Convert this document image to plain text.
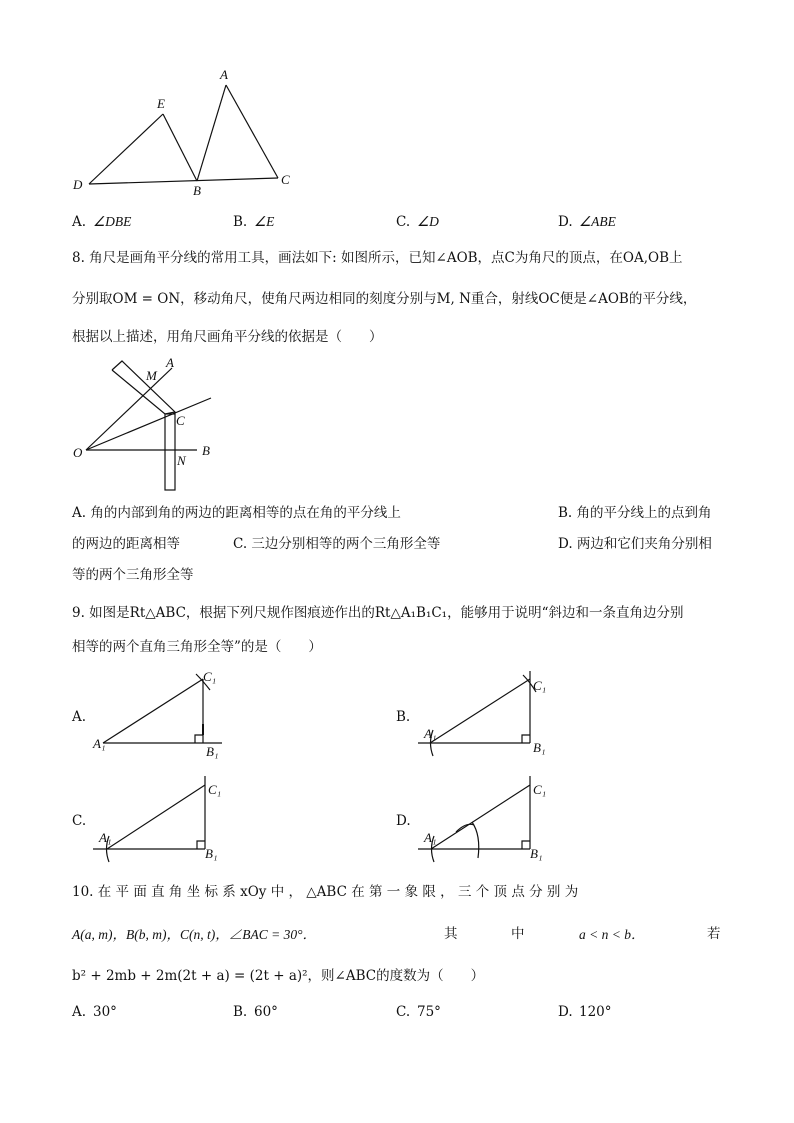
A
E
D	B
C
A. ∠DBE	B. ∠E	C. ∠D	D. ∠ABE
8. 角尺是画角平分线的常用工具，画法如下: 如图所示，已知∠AOB，点C为角尺的顶点，在OA,OB上
分别取OM = ON，移动角尺，使角尺两边相同的刻度分别与M, N重合，射线OC便是∠AOB的平分线，
根据以上描述，用角尺画角平分线的依据是（　　）
M
A
C
O
N
B
A. 角的内部到角的两边的距离相等的点在角的平分线上	B. 角的平分线上的点到角
的两边的距离相等	C. 三边分别相等的两个三角形全等	D. 两边和它们夹角分别相
等的两个三角形全等
9. 如图是Rt△ABC，根据下列尺规作图痕迹作出的Rt△A₁B₁C₁，能够用于说明“斜边和一条直角边分别
相等的两个直角三角形全等”的是（　　）
A.
C₁
A₁
B₁
B.
C₁
A₁
B₁
C.
C₁
A₁
B₁
D.
C₁
A₁
B₁
10. 在 平 面 直 角 坐 标 系 xOy 中 ， △ABC 在 第 一 象 限 ， 三 个 顶 点 分 别 为
A(a, m)，B(b, m)，C(n, t)，∠BAC = 30°．	其	中	a < n < b．	若
b² + 2mb + 2m(2t + a) = (2t + a)²，则∠ABC的度数为（　　）
A. 30°	B. 60°	C. 75°	D. 120°
